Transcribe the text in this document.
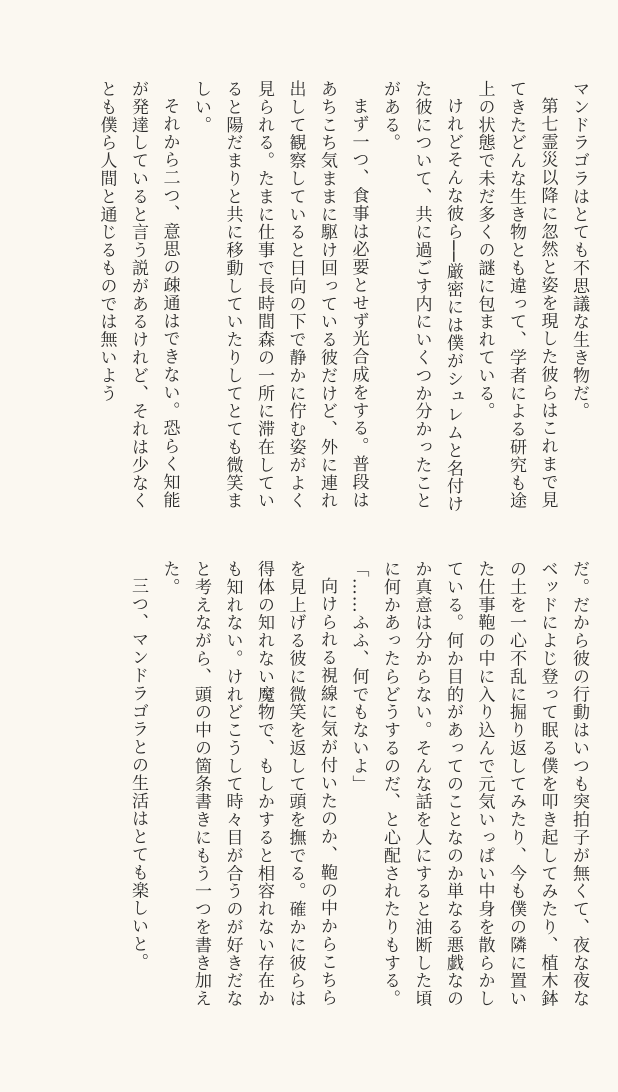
マンドラゴラはとても不思議な生き物だ。

第七霊災以降に忽然と姿を現した彼らはこれまで見てきたどんな生き物とも違って、学者による研究も途上の状態で未だ多くの謎に包まれている。

けれどそんな彼ら──厳密には僕がシュレムと名付けた彼について、共に過ごす内にいくつか分かったことがある。

まず一つ、食事は必要とせず光合成をする。普段はあちこち気ままに駆け回っている彼だけど、外に連れ出して観察していると日向の下で静かに佇む姿がよく見られる。たまに仕事で長時間森の一所に滞在していると陽だまりと共に移動していたりしてとても微笑ましい。

それから二つ、意思の疎通はできない。恐らく知能が発達していると言う説があるけれど、それは少なくとも僕ら人間と通じるものでは無いよう

だ。だから彼の行動はいつも突拍子が無くて、夜な夜なベッドによじ登って眠る僕を叩き起してみたり、植木鉢の土を一心不乱に掘り返してみたり、今も僕の隣に置いた仕事鞄の中に入り込んで元気いっぱい中身を散らかしている。何か目的があってのことなのか単なる悪戯なのか真意は分からない。そんな話を人にすると油断した頃に何かあったらどうするのだ、と心配されたりもする。

「……ふふ、何でもないよ」

向けられる視線に気が付いたのか、鞄の中からこちらを見上げる彼に微笑を返して頭を撫でる。確かに彼らは得体の知れない魔物で、もしかすると相容れない存在かも知れない。けれどこうして時々目が合うのが好きだなと考えながら、頭の中の箇条書きにもう一つを書き加えた。

三つ、マンドラゴラとの生活はとても楽しいと。
